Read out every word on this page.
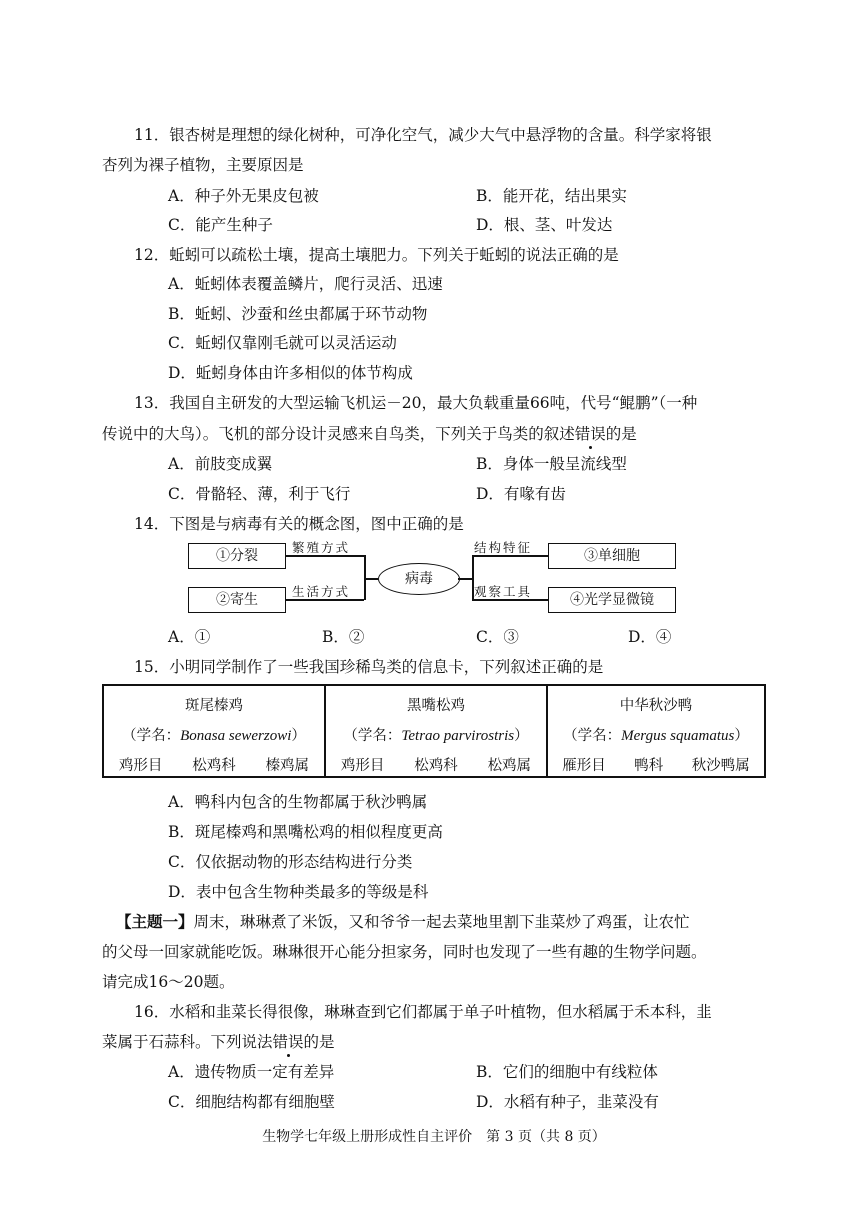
11．银杏树是理想的绿化树种，可净化空气，减少大气中悬浮物的含量。科学家将银
杏列为裸子植物，主要原因是
A．种子外无果皮包被	B．能开花，结出果实
C．能产生种子	D．根、茎、叶发达
12．蚯蚓可以疏松土壤，提高土壤肥力。下列关于蚯蚓的说法正确的是
A．蚯蚓体表覆盖鳞片，爬行灵活、迅速
B．蚯蚓、沙蚕和丝虫都属于环节动物
C．蚯蚓仅靠刚毛就可以灵活运动
D．蚯蚓身体由许多相似的体节构成
13．我国自主研发的大型运输飞机运－20，最大负载重量66吨，代号“鲲鹏”（一种
传说中的大鸟）。飞机的部分设计灵感来自鸟类，下列关于鸟类的叙述错误的是
A．前肢变成翼	B．身体一般呈流线型
C．骨骼轻、薄，利于飞行	D．有喙有齿
14．下图是与病毒有关的概念图，图中正确的是
①分裂
②寄生
③单细胞
④光学显微镜
病毒
繁殖方式
生活方式
结构特征
观察工具
A．①	B．②	C．③	D．④
15．小明同学制作了一些我国珍稀鸟类的信息卡，下列叙述正确的是
斑尾榛鸡
（学名：Bonasa sewerzowi）
鸡形目 松鸡科 榛鸡属
黑嘴松鸡
（学名：Tetrao parvirostris）
鸡形目 松鸡科 松鸡属
中华秋沙鸭
（学名：Mergus squamatus）
雁形目 鸭科 秋沙鸭属
A．鸭科内包含的生物都属于秋沙鸭属
B．斑尾榛鸡和黑嘴松鸡的相似程度更高
C．仅依据动物的形态结构进行分类
D．表中包含生物种类最多的等级是科
【主题一】周末，琳琳煮了米饭，又和爷爷一起去菜地里割下韭菜炒了鸡蛋，让农忙
的父母一回家就能吃饭。琳琳很开心能分担家务，同时也发现了一些有趣的生物学问题。
请完成16～20题。
16．水稻和韭菜长得很像，琳琳查到它们都属于单子叶植物，但水稻属于禾本科，韭
菜属于石蒜科。下列说法错误的是
A．遗传物质一定有差异	B．它们的细胞中有线粒体
C．细胞结构都有细胞壁	D．水稻有种子，韭菜没有
生物学七年级上册形成性自主评价　第 3 页（共 8 页）
